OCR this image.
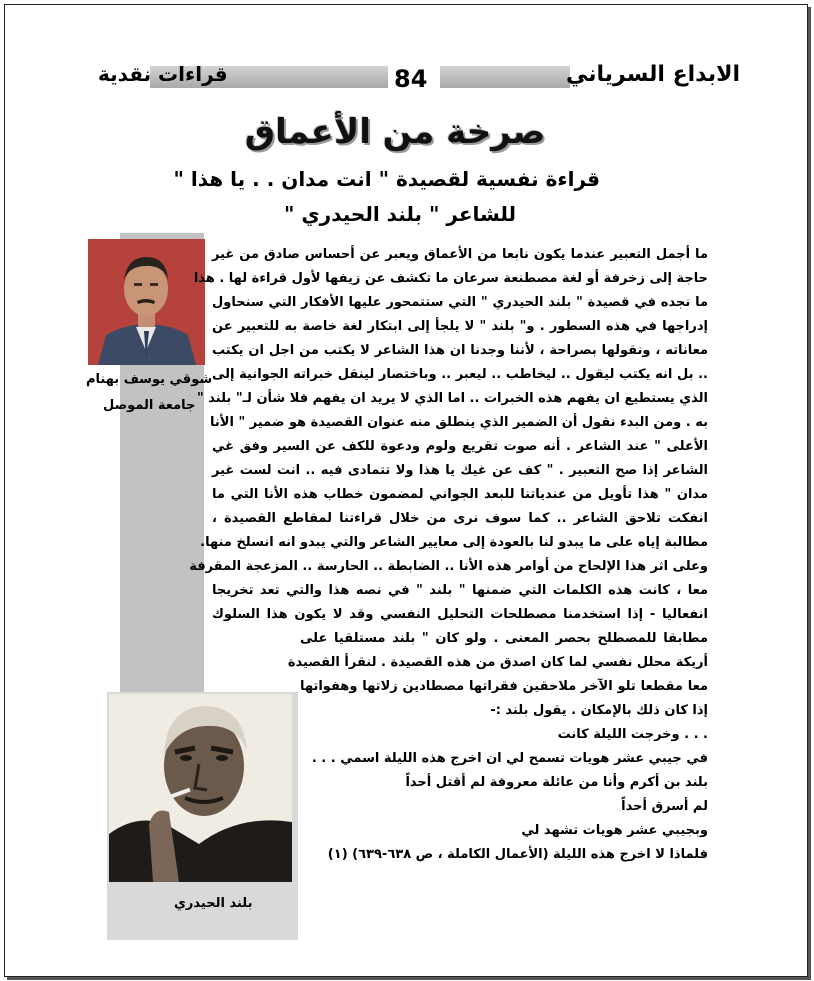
قراءات نقدية	84	الابداع السرياني
صرخة من الأعماق
قراءة نفسية لقصيدة " انت مدان . . يا هذا "
للشاعر " بلند الحيدري "
شوقي يوسف بهنام
جامعة الموصل
بلند الحيدري
ما أجمل التعبير عندما يكون نابعا من الأعماق ويعبر عن أحساس صادق من غير
حاجة إلى زخرفة أو لغة مصطنعة سرعان ما تكشف عن زيفها لأول قراءة لها . هذا
ما نجده في قصيدة " بلند الحيدري " التي ستتمحور عليها الأفكار التي سنحاول
إدراجها في هذه السطور . و" بلند " لا يلجأ إلى ابتكار لغة خاصة به للتعبير عن
معاناته ، ونقولها بصراحة ، لأننا وجدنا ان هذا الشاعر لا يكتب من اجل ان يكتب
.. بل انه يكتب ليقول .. ليخاطب .. ليعبر .. وباختصار لينقل خبراته الجوانية إلى
الذي يستطيع ان يفهم هذه الخبرات .. اما الذي لا يريد ان يفهم فلا شأن لـ" بلند "
به . ومن البدء نقول أن الضمير الذي ينطلق منه عنوان القصيدة هو ضمير " الأنا
الأعلى " عند الشاعر . أنه صوت تقريع ولوم ودعوة للكف عن السير وفق غي
الشاعر إذا صح التعبير . " كف عن غيك يا هذا ولا تتمادى فيه .. انت لست غير
مدان " هذا تأويل من عندياتنا للبعد الجواني لمضمون خطاب هذه الأنا التي ما
انفكت تلاحق الشاعر .. كما سوف نرى من خلال قراءتنا لمقاطع القصيدة ،
مطالبة إياه على ما يبدو لنا بالعودة إلى معايير الشاعر والتي يبدو انه انسلخ منها.
وعلى اثر هذا الإلحاح من أوامر هذه الأنا .. الضابطة .. الحارسة .. المزعجة المقرفة
معا ، كانت هذه الكلمات التي ضمنها " بلند " في نصه هذا والتي تعد تخريجا
انفعاليا - إذا استخدمنا مصطلحات التحليل النفسي وقد لا يكون هذا السلوك
مطابقا للمصطلح بحصر المعنى . ولو كان " بلند مستلقيا على
أريكة محلل نفسي لما كان اصدق من هذه القصيدة . لنقرأ القصيدة
معا مقطعا تلو الآخر ملاحقين فقراتها مصطادين زلاتها وهفواتها
إذا كان ذلك بالإمكان . يقول بلند :-
. . . وخرجت الليلة كانت
في جيبي عشر هويات تسمح لي ان اخرج هذه الليلة اسمي . . .
بلند بن أكرم وأنا من عائلة معروفة لم أقتل أحداً
لم أسرق أحداً
وبجيبي عشر هويات تشهد لي
فلماذا لا اخرج هذه الليلة (الأعمال الكاملة ، ص ٦٣٨-٦٣٩) (١)
